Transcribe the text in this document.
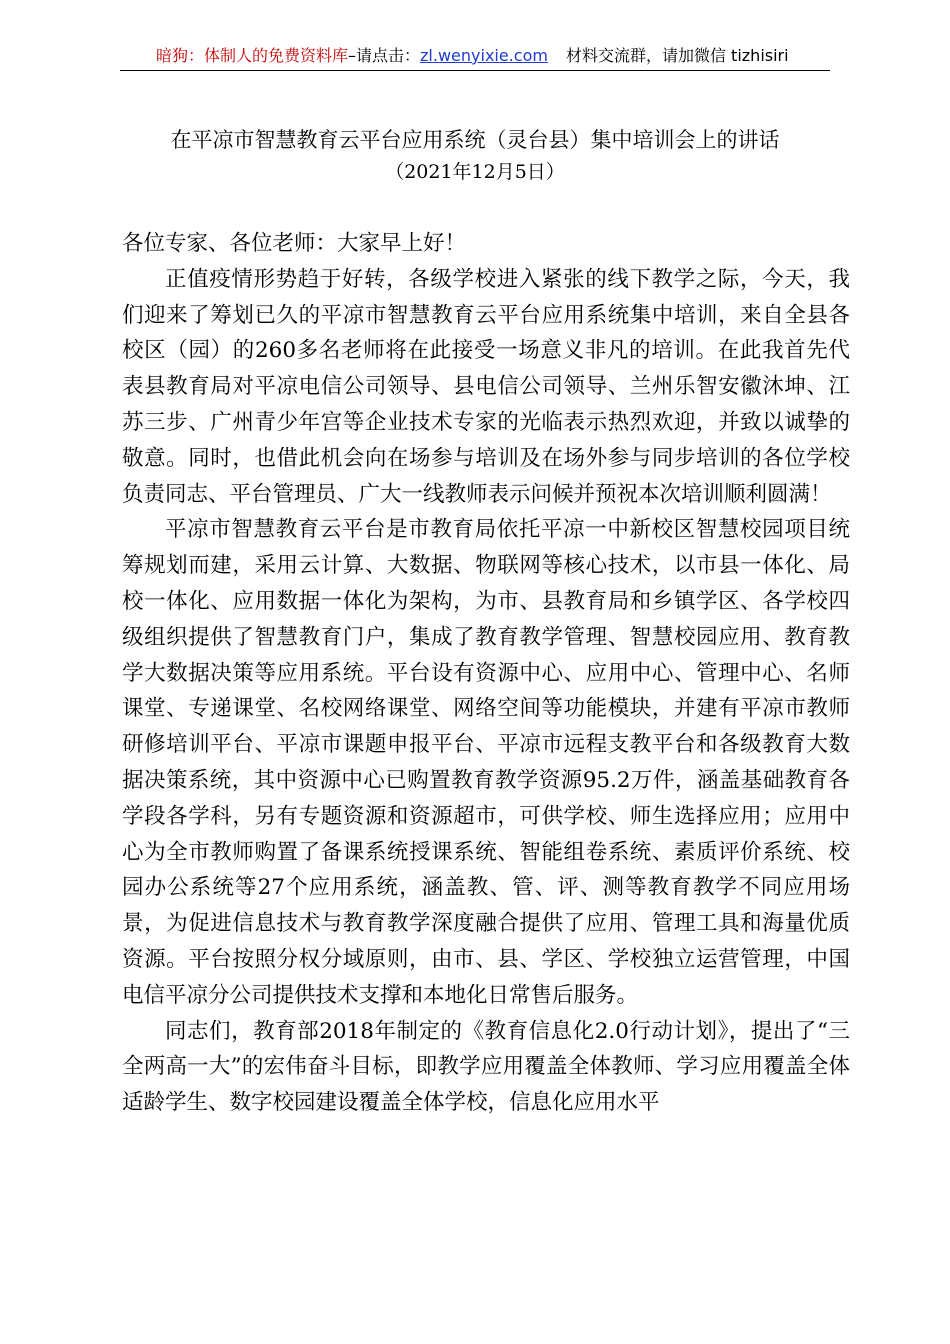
暗狗：体制人的免费资料库–请点击：zl.wenyixie.com 材料交流群，请加微信 tizhisiri
在平凉市智慧教育云平台应用系统（灵台县）集中培训会上的讲话
（2021年12月5日）

各位专家、各位老师：大家早上好！

正值疫情形势趋于好转，各级学校进入紧张的线下教学之际，今天，我们迎来了筹划已久的平凉市智慧教育云平台应用系统集中培训，来自全县各校区（园）的260多名老师将在此接受一场意义非凡的培训。在此我首先代表县教育局对平凉电信公司领导、县电信公司领导、兰州乐智安徽沐坤、江苏三步、广州青少年宫等企业技术专家的光临表示热烈欢迎，并致以诚挚的敬意。同时，也借此机会向在场参与培训及在场外参与同步培训的各位学校负责同志、平台管理员、广大一线教师表示问候并预祝本次培训顺利圆满！

平凉市智慧教育云平台是市教育局依托平凉一中新校区智慧校园项目统筹规划而建，采用云计算、大数据、物联网等核心技术，以市县一体化、局校一体化、应用数据一体化为架构，为市、县教育局和乡镇学区、各学校四级组织提供了智慧教育门户，集成了教育教学管理、智慧校园应用、教育教学大数据决策等应用系统。平台设有资源中心、应用中心、管理中心、名师课堂、专递课堂、名校网络课堂、网络空间等功能模块，并建有平凉市教师研修培训平台、平凉市课题申报平台、平凉市远程支教平台和各级教育大数据决策系统，其中资源中心已购置教育教学资源95.2万件，涵盖基础教育各学段各学科，另有专题资源和资源超市，可供学校、师生选择应用；应用中心为全市教师购置了备课系统授课系统、智能组卷系统、素质评价系统、校园办公系统等27个应用系统，涵盖教、管、评、测等教育教学不同应用场景，为促进信息技术与教育教学深度融合提供了应用、管理工具和海量优质资源。平台按照分权分域原则，由市、县、学区、学校独立运营管理，中国电信平凉分公司提供技术支撑和本地化日常售后服务。

同志们，教育部2018年制定的《教育信息化2.0行动计划》，提出了“三全两高一大”的宏伟奋斗目标，即教学应用覆盖全体教师、学习应用覆盖全体适龄学生、数字校园建设覆盖全体学校，信息化应用水平
